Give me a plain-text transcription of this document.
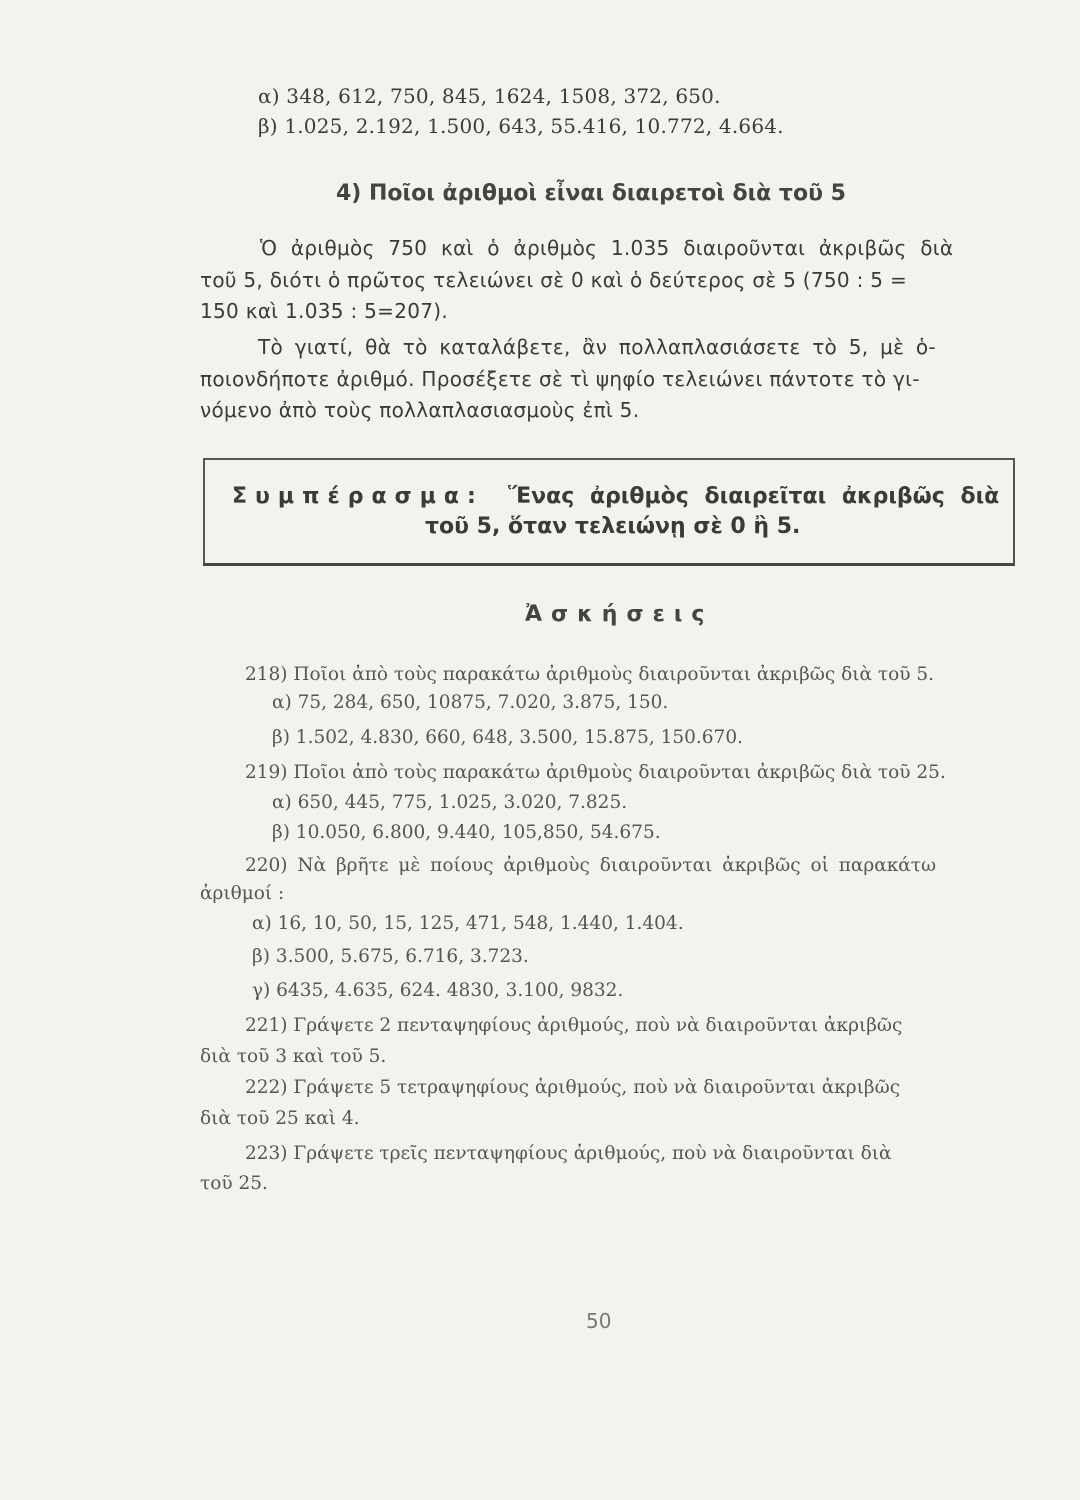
α) 348, 612, 750, 845, 1624, 1508, 372, 650.
β) 1.025, 2.192, 1.500, 643, 55.416, 10.772, 4.664.
4) Ποῖοι ἀριθμοὶ εἶναι διαιρετοὶ διὰ τοῦ 5
Ὁ ἀριθμὸς 750 καὶ ὁ ἀριθμὸς 1.035 διαιροῦνται ἀκριβῶς διὰ
τοῦ 5, διότι ὁ πρῶτος τελειώνει σὲ 0 καὶ ὁ δεύτερος σὲ 5 (750 : 5 =
150 καὶ 1.035 : 5=207).
Τὸ γιατί, θὰ τὸ καταλάβετε, ἂν πολλαπλασιάσετε τὸ 5, μὲ ὁ-
ποιονδήποτε ἀριθμό. Προσέξετε σὲ τὶ ψηφίο τελειώνει πάντοτε τὸ γι-
νόμενο ἀπὸ τοὺς πολλαπλασιασμοὺς ἐπὶ 5.
Συμπέρασμα: Ἕνας ἀριθμὸς διαιρεῖται ἀκριβῶς διὰ
τοῦ 5, ὅταν τελειώνῃ σὲ 0 ἢ 5.
Ἀσκήσεις
218) Ποῖοι ἀπὸ τοὺς παρακάτω ἀριθμοὺς διαιροῦνται ἀκριβῶς διὰ τοῦ 5.
α) 75, 284, 650, 10875, 7.020, 3.875, 150.
β) 1.502, 4.830, 660, 648, 3.500, 15.875, 150.670.
219) Ποῖοι ἀπὸ τοὺς παρακάτω ἀριθμοὺς διαιροῦνται ἀκριβῶς διὰ τοῦ 25.
α) 650, 445, 775, 1.025, 3.020, 7.825.
β) 10.050, 6.800, 9.440, 105,850, 54.675.
220) Νὰ βρῆτε μὲ ποίους ἀριθμοὺς διαιροῦνται ἀκριβῶς οἱ παρακάτω
ἀριθμοί :
α) 16, 10, 50, 15, 125, 471, 548, 1.440, 1.404.
β) 3.500, 5.675, 6.716, 3.723.
γ) 6435, 4.635, 624. 4830, 3.100, 9832.
221) Γράψετε 2 πενταψηφίους ἀριθμούς, ποὺ νὰ διαιροῦνται ἀκριβῶς
διὰ τοῦ 3 καὶ τοῦ 5.
222) Γράψετε 5 τετραψηφίους ἀριθμούς, ποὺ νὰ διαιροῦνται ἀκριβῶς
διὰ τοῦ 25 καὶ 4.
223) Γράψετε τρεῖς πενταψηφίους ἀριθμούς, ποὺ νὰ διαιροῦνται διὰ
τοῦ 25.
50
